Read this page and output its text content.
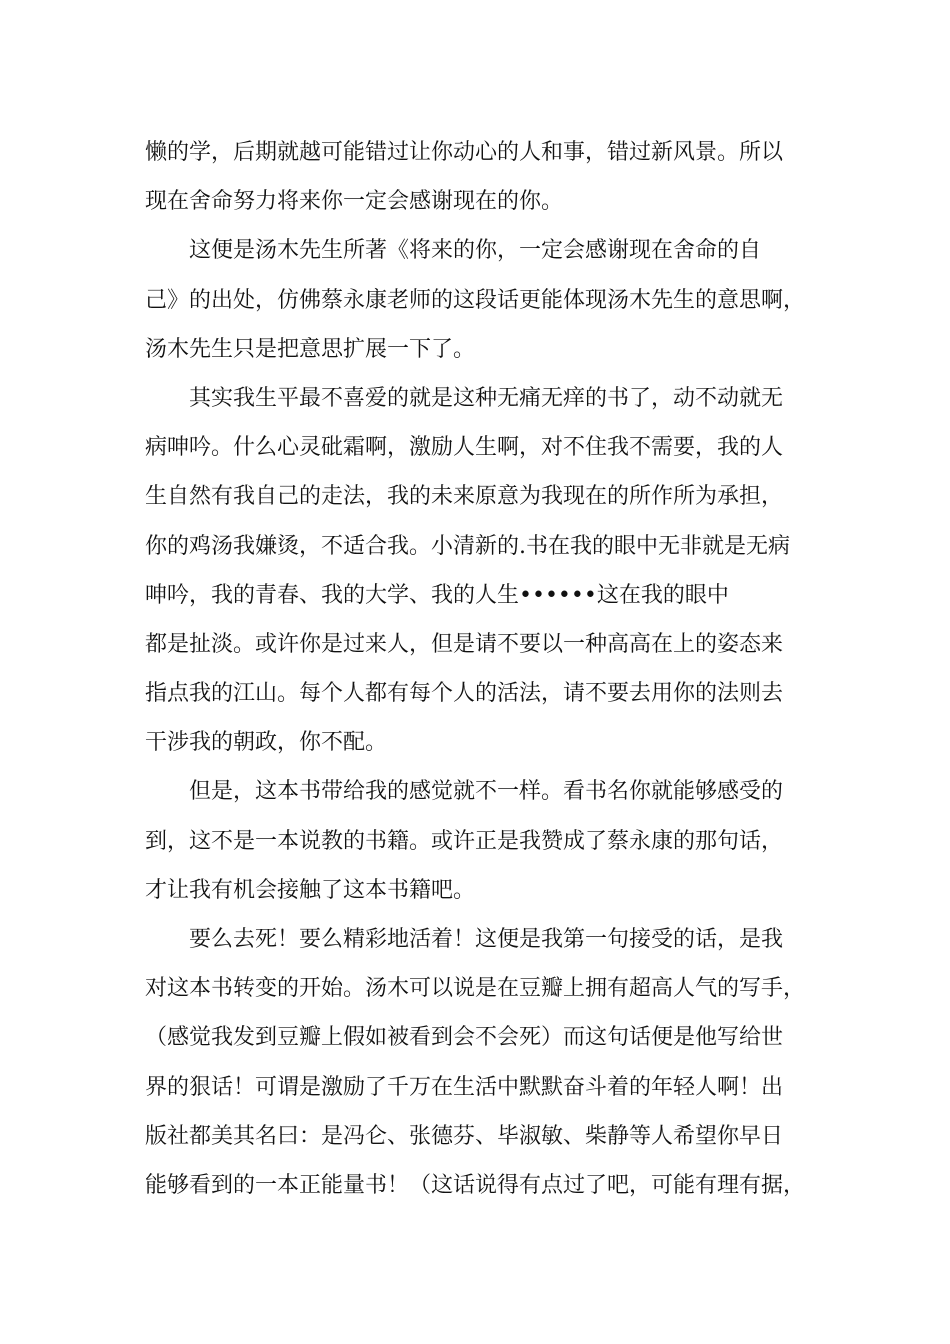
懒的学，后期就越可能错过让你动心的人和事，错过新风景。所以
现在舍命努力将来你一定会感谢现在的你。
这便是汤木先生所著《将来的你，一定会感谢现在舍命的自
己》的出处，仿佛蔡永康老师的这段话更能体现汤木先生的意思啊，
汤木先生只是把意思扩展一下了。
其实我生平最不喜爱的就是这种无痛无痒的书了，动不动就无
病呻吟。什么心灵砒霜啊，激励人生啊，对不住我不需要，我的人
生自然有我自己的走法，我的未来原意为我现在的所作所为承担，
你的鸡汤我嫌烫，不适合我。小清新的.书在我的眼中无非就是无病
呻吟，我的青春、我的大学、我的人生••••••这在我的眼中
都是扯淡。或许你是过来人，但是请不要以一种高高在上的姿态来
指点我的江山。每个人都有每个人的活法，请不要去用你的法则去
干涉我的朝政，你不配。
但是，这本书带给我的感觉就不一样。看书名你就能够感受的
到，这不是一本说教的书籍。或许正是我赞成了蔡永康的那句话，
才让我有机会接触了这本书籍吧。
要么去死！要么精彩地活着！这便是我第一句接受的话，是我
对这本书转变的开始。汤木可以说是在豆瓣上拥有超高人气的写手，
（感觉我发到豆瓣上假如被看到会不会死）而这句话便是他写给世
界的狠话！可谓是激励了千万在生活中默默奋斗着的年轻人啊！出
版社都美其名曰：是冯仑、张德芬、毕淑敏、柴静等人希望你早日
能够看到的一本正能量书！（这话说得有点过了吧，可能有理有据，
